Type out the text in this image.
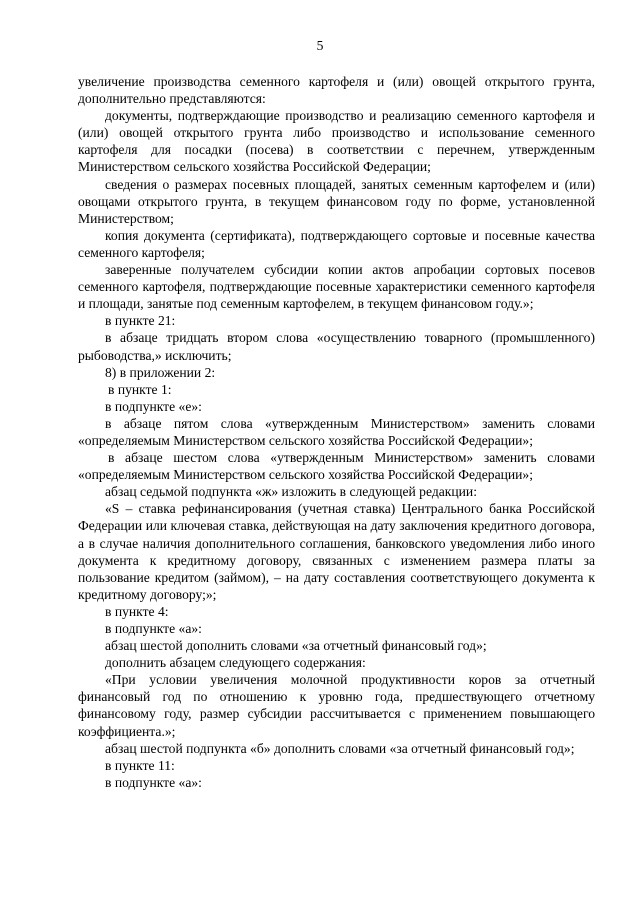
5

увеличение производства семенного картофеля и (или) овощей открытого грунта, дополнительно представляются:

документы, подтверждающие производство и реализацию семенного картофеля и (или) овощей открытого грунта либо производство и использование семенного картофеля для посадки (посева) в соответствии с перечнем, утвержденным Министерством сельского хозяйства Российской Федерации;

сведения о размерах посевных площадей, занятых семенным картофелем и (или) овощами открытого грунта, в текущем финансовом году по форме, установленной Министерством;

копия документа (сертификата), подтверждающего сортовые и посевные качества семенного картофеля;

заверенные получателем субсидии копии актов апробации сортовых посевов семенного картофеля, подтверждающие посевные характеристики семенного картофеля и площади, занятые под семенным картофелем, в текущем финансовом году.»;

в пункте 21:

в абзаце тридцать втором слова «осуществлению товарного (промышленного) рыбоводства,» исключить;

8) в приложении 2:

в пункте 1:

в подпункте «е»:

в абзаце пятом слова «утвержденным Министерством» заменить словами «определяемым Министерством сельского хозяйства Российской Федерации»;

в абзаце шестом слова «утвержденным Министерством» заменить словами «определяемым Министерством сельского хозяйства Российской Федерации»;

абзац седьмой подпункта «ж» изложить в следующей редакции:

«S – ставка рефинансирования (учетная ставка) Центрального банка Российской Федерации или ключевая ставка, действующая на дату заключения кредитного договора, а в случае наличия дополнительного соглашения, банковского уведомления либо иного документа к кредитному договору, связанных с изменением размера платы за пользование кредитом (займом), – на дату составления соответствующего документа к кредитному договору;»;

в пункте 4:

в подпункте «а»:

абзац шестой дополнить словами «за отчетный финансовый год»;

дополнить абзацем следующего содержания:

«При условии увеличения молочной продуктивности коров за отчетный финансовый год по отношению к уровню года, предшествующего отчетному финансовому году, размер субсидии рассчитывается с применением повышающего коэффициента.»;

абзац шестой подпункта «б» дополнить словами «за отчетный финансовый год»;

в пункте 11:

в подпункте «а»:
